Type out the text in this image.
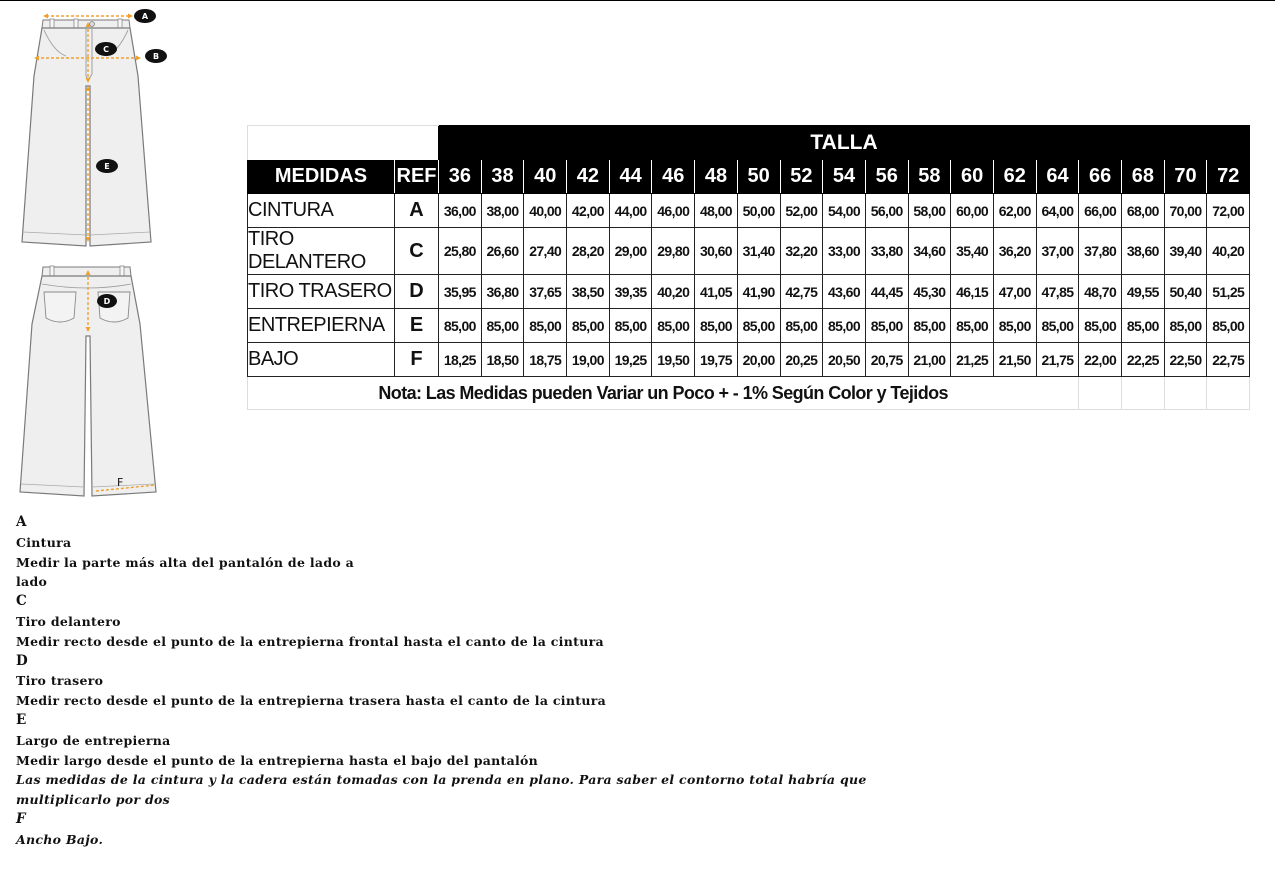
A
B
C
E
D
F
		TALLA																		
MEDIDAS	REF	36	38	40	42	44	46	48	50	52	54	56	58	60	62	64	66	68	70	72
CINTURA	A	36,00	38,00	40,00	42,00	44,00	46,00	48,00	50,00	52,00	54,00	56,00	58,00	60,00	62,00	64,00	66,00	68,00	70,00	72,00
TIRO DELANTERO	C	25,80	26,60	27,40	28,20	29,00	29,80	30,60	31,40	32,20	33,00	33,80	34,60	35,40	36,20	37,00	37,80	38,60	39,40	40,20
TIRO TRASERO	D	35,95	36,80	37,65	38,50	39,35	40,20	41,05	41,90	42,75	43,60	44,45	45,30	46,15	47,00	47,85	48,70	49,55	50,40	51,25
ENTREPIERNA	E	85,00	85,00	85,00	85,00	85,00	85,00	85,00	85,00	85,00	85,00	85,00	85,00	85,00	85,00	85,00	85,00	85,00	85,00	85,00
BAJO	F	18,25	18,50	18,75	19,00	19,25	19,50	19,75	20,00	20,25	20,50	20,75	21,00	21,25	21,50	21,75	22,00	22,25	22,50	22,75
Nota: Las Medidas pueden Variar un Poco + - 1% Según Color y Tejidos																				
A
Cintura
Medir la parte más alta del pantalón de lado a
lado
C
Tiro delantero
Medir recto desde el punto de la entrepierna frontal hasta el canto de la cintura
D
Tiro trasero
Medir recto desde el punto de la entrepierna trasera hasta el canto de la cintura
E
Largo de entrepierna
Medir largo desde el punto de la entrepierna hasta el bajo del pantalón
Las medidas de la cintura y la cadera están tomadas con la prenda en plano. Para saber el contorno total habría que
multiplicarlo por dos
F
Ancho Bajo.
